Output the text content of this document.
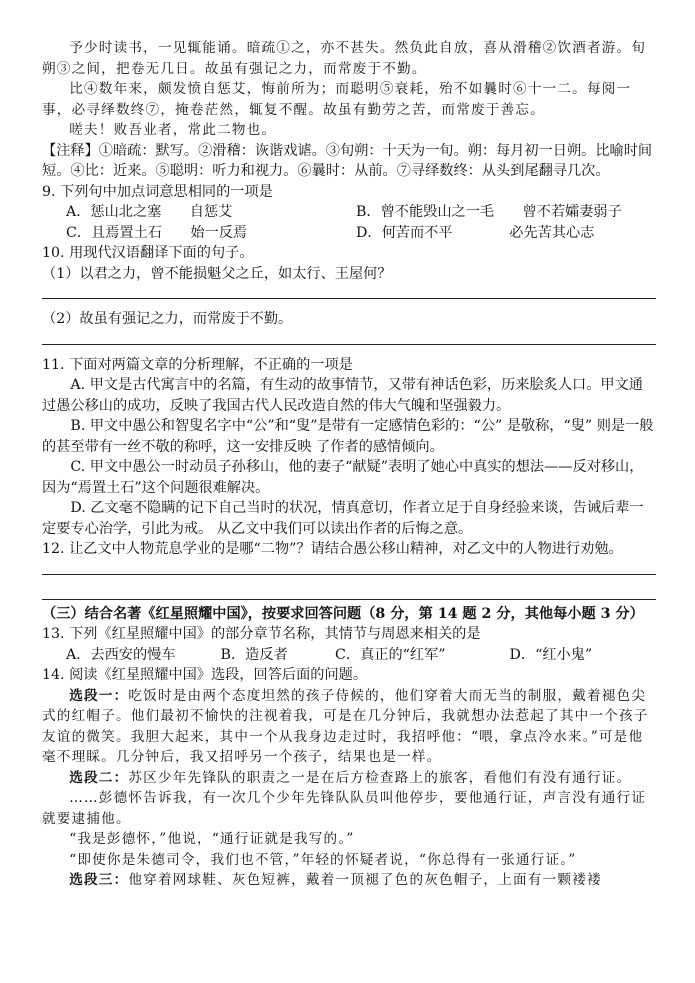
予少时读书，一见辄能诵。暗疏①之，亦不甚失。然负此自放，喜从滑稽②饮酒者游。旬朔③之间，把卷无几日。故虽有强记之力，而常废于不勤。

比④数年来，颇发愤自惩艾，悔前所为；而聪明⑤衰耗，殆不如曩时⑥十一二。每阅一事，必寻绎数终⑦，掩卷茫然，辄复不醒。故虽有勤劳之苦，而常废于善忘。

嗟夫！败吾业者，常此二物也。

【注释】①暗疏：默写。②滑稽：诙谐戏谑。③旬朔：十天为一旬。朔：每月初一日朔。比喻时间短。④比：近来。⑤聪明：听力和视力。⑥曩时：从前。⑦寻绎数终：从头到尾翻寻几次。

9. 下列句中加点词意思相同的一项是

A．惩山北之塞　　自惩艾	B．曾不能毁山之一毛　　曾不若孀妻弱子
C．且焉置土石　　始一反焉	D．何苦而不平　　　　必先苦其心志

10. 用现代汉语翻译下面的句子。

（1）以君之力，曾不能损魁父之丘，如太行、王屋何？

（2）故虽有强记之力，而常废于不勤。

11. 下面对两篇文章的分析理解，不正确的一项是

A. 甲文是古代寓言中的名篇，有生动的故事情节，又带有神话色彩，历来脍炙人口。甲文通过愚公移山的成功，反映了我国古代人民改造自然的伟大气魄和坚强毅力。

B. 甲文中愚公和智叟名字中“公”和“叟”是带有一定感情色彩的：“公” 是敬称，“叟” 则是一般的甚至带有一丝不敬的称呼，这一安排反映 了作者的感情倾向。

C. 甲文中愚公一时动员子孙移山，他的妻子“献疑”表明了她心中真实的想法——反对移山， 因为“焉置土石”这个问题很难解决。

D. 乙文毫不隐瞒的记下自己当时的状况，情真意切，作者立足于自身经验来谈，告诫后辈一定要专心治学，引此为戒。 从乙文中我们可以读出作者的后悔之意。

12. 让乙文中人物荒息学业的是哪“二物”？请结合愚公移山精神，对乙文中的人物进行劝勉。

（三）结合名著《红星照耀中国》，按要求回答问题（8 分，第 14 题 2 分，其他每小题 3 分）

13. 下列《红星照耀中国》的部分章节名称，其情节与周恩来相关的是

A．去西安的慢车	B．造反者	C．真正的“红军”	D．“红小鬼”

14. 阅读《红星照耀中国》选段，回答后面的问题。

选段一：吃饭时是由两个态度坦然的孩子侍候的，他们穿着大而无当的制服，戴着褪色尖式的红帽子。他们最初不愉快的注视着我，可是在几分钟后，我就想办法惹起了其中一个孩子友谊的微笑。我胆大起来，其中一个从我身边走过时，我招呼他：“喂，拿点冷水来。”可是他毫不理睬。几分钟后，我又招呼另一个孩子，结果也是一样。

选段二：苏区少年先锋队的职责之一是在后方检查路上的旅客，看他们有没有通行证。

……彭德怀告诉我，有一次几个少年先锋队队员叫他停步，要他通行证，声言没有通行证就要逮捕他。

“我是彭德怀，”他说，“通行证就是我写的。”

“即使你是朱德司令，我们也不管，”年轻的怀疑者说，“你总得有一张通行证。”

选段三：他穿着网球鞋、灰色短裤，戴着一顶褪了色的灰色帽子，上面有一颗褛褛
